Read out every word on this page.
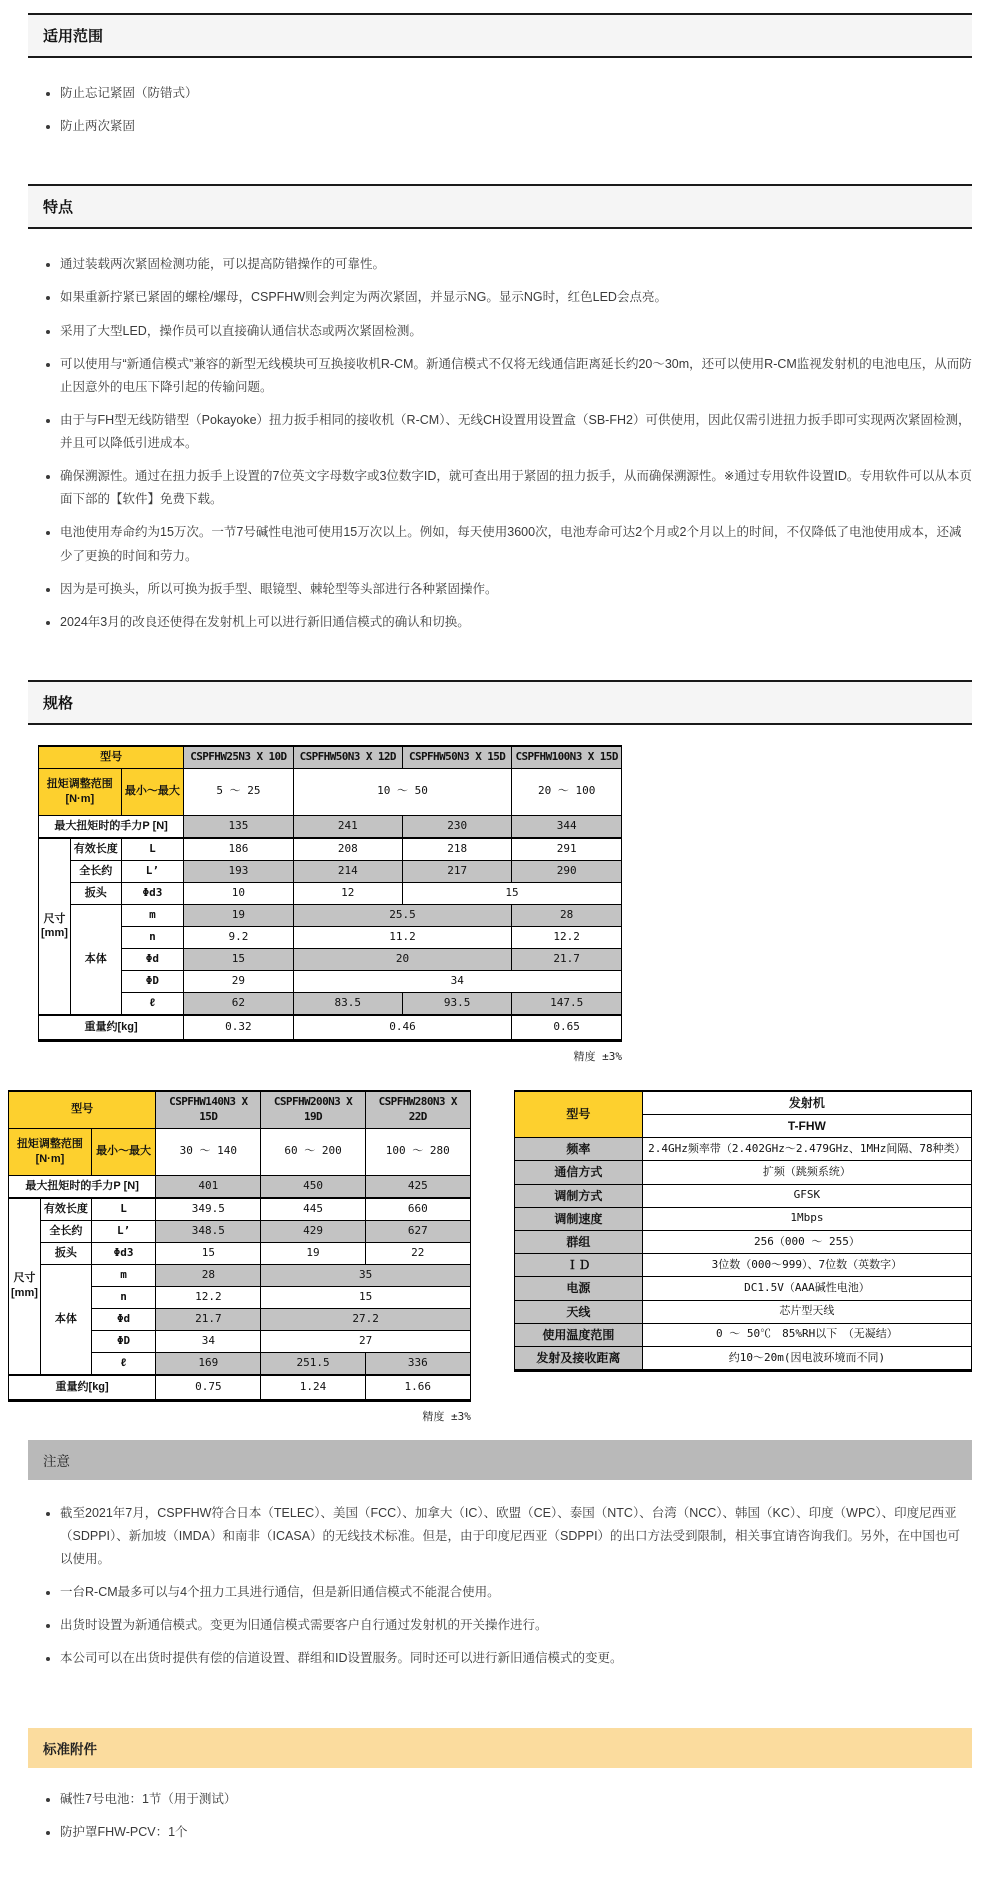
适用范围
• 防止忘记紧固（防错式）
• 防止两次紧固
特点
• 通过装载两次紧固检测功能，可以提高防错操作的可靠性。
• 如果重新拧紧已紧固的螺栓/螺母，CSPFHW则会判定为两次紧固，并显示NG。显示NG时，红色LED会点亮。
• 采用了大型LED，操作员可以直接确认通信状态或两次紧固检测。
• 可以使用与“新通信模式”兼容的新型无线模块可互换接收机R-CM。新通信模式不仅将无线通信距离延长约20～30m，还可以使用R-CM监视发射机的电池电压，从而防止因意外的电压下降引起的传输问题。
• 由于与FH型无线防错型（Pokayoke）扭力扳手相同的接收机（R-CM）、无线CH设置用设置盒（SB-FH2）可供使用，因此仅需引进扭力扳手即可实现两次紧固检测，并且可以降低引进成本。
• 确保溯源性。通过在扭力扳手上设置的7位英文字母数字或3位数字ID，就可查出用于紧固的扭力扳手，从而确保溯源性。※通过专用软件设置ID。专用软件可以从本页面下部的【软件】免费下载。
• 电池使用寿命约为15万次。一节7号碱性电池可使用15万次以上。例如，每天使用3600次，电池寿命可达2个月或2个月以上的时间，不仅降低了电池使用成本，还减少了更换的时间和劳力。
• 因为是可换头，所以可换为扳手型、眼镜型、棘轮型等头部进行各种紧固操作。
• 2024年3月的改良还使得在发射机上可以进行新旧通信模式的确认和切换。
规格
型号			CSPFHW25N3 X 10D	CSPFHW50N3 X 12D	CSPFHW50N3 X 15D	CSPFHW100N3 X 15D

扭矩调整范围
[N·m]		最小～最大	5 ～ 25	10 ～ 50		20 ～ 100
最大扭矩时的手力P [N]			135	241	230	344

尺寸
[mm]	有效长度	L	186	208	218	291
	全长约	L’	193	214	217	290
	扳头	Φd3	10	12	15	
	本体	m	19	25.5		28
		n	9.2	11.2		12.2
		Φd	15	20		21.7
		ΦD	29	34		
		ℓ	62	83.5	93.5	147.5
重量约[kg]			0.32	0.46		0.65
精度 ±3%
型号			CSPFHW140N3 X 15D	CSPFHW200N3 X 19D	CSPFHW280N3 X 22D

扭矩调整范围
[N·m]		最小～最大	30 ～ 140	60 ～ 200	100 ～ 280
最大扭矩时的手力P [N]			401	450	425

尺寸
[mm]	有效长度	L	349.5	445	660
	全长约	L’	348.5	429	627
	扳头	Φd3	15	19	22
	本体	m	28	35	
		n	12.2	15	
		Φd	21.7	27.2	
		ΦD	34	27	
		ℓ	169	251.5	336
重量约[kg]			0.75	1.24	1.66
精度 ±3%
型号	发射机
	T-FHW
频率	2.4GHz频率带（2.402GHz～2.479GHz、1MHz间隔、78种类）
通信方式	扩频（跳频系统）
调制方式	GFSK
调制速度	1Mbps
群组	256（000 ～ 255）
ＩＤ	3位数（000～999）、7位数（英数字）
电源	DC1.5V（AAA碱性电池）
天线	芯片型天线
使用温度范围	0 ～ 50℃　85%RH以下　（无凝结）
发射及接收距离	约10～20m(因电波环境而不同)
注意
• 截至2021年7月，CSPFHW符合日本（TELEC）、美国（FCC）、加拿大（IC）、欧盟（CE）、泰国（NTC）、台湾（NCC）、韩国（KC）、印度（WPC）、印度尼西亚（SDPPI）、新加坡（IMDA）和南非（ICASA）的无线技术标准。但是，由于印度尼西亚（SDPPI）的出口方法受到限制，相关事宜请咨询我们。另外，在中国也可以使用。
• 一台R-CM最多可以与4个扭力工具进行通信，但是新旧通信模式不能混合使用。
• 出货时设置为新通信模式。变更为旧通信模式需要客户自行通过发射机的开关操作进行。
• 本公司可以在出货时提供有偿的信道设置、群组和ID设置服务。同时还可以进行新旧通信模式的变更。
标准附件
• 碱性7号电池：1节（用于测试）
• 防护罩FHW-PCV：1个
